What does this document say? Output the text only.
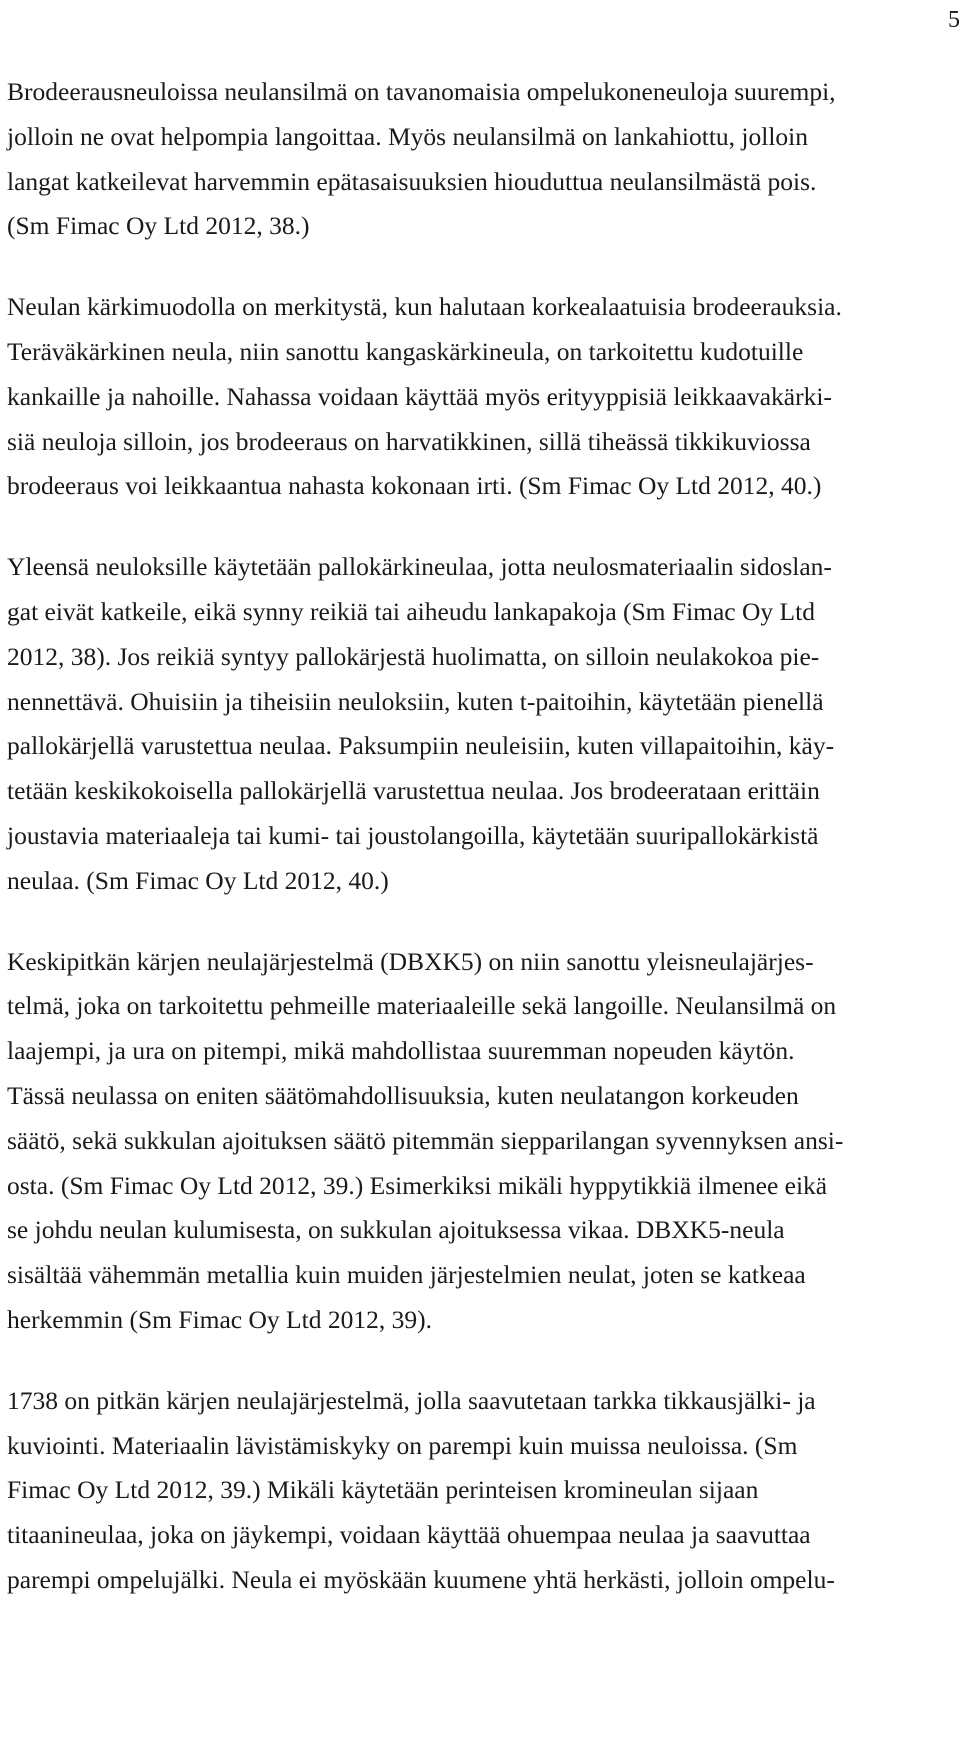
5

Brodeerausneuloissa neulansilmä on tavanomaisia ompelukoneneuloja suurempi,
jolloin ne ovat helpompia langoittaa. Myös neulansilmä on lankahiottu, jolloin
langat katkeilevat harvemmin epätasaisuuksien hiouduttua neulansilmästä pois.
(Sm Fimac Oy Ltd 2012, 38.)

Neulan kärkimuodolla on merkitystä, kun halutaan korkealaatuisia brodeerauksia.
Teräväkärkinen neula, niin sanottu kangaskärkineula, on tarkoitettu kudotuille
kankaille ja nahoille. Nahassa voidaan käyttää myös erityyppisiä leikkaavakärki-
siä neuloja silloin, jos brodeeraus on harvatikkinen, sillä tiheässä tikkikuviossa
brodeeraus voi leikkaantua nahasta kokonaan irti. (Sm Fimac Oy Ltd 2012, 40.)

Yleensä neuloksille käytetään pallokärkineulaa, jotta neulosmateriaalin sidoslan-
gat eivät katkeile, eikä synny reikiä tai aiheudu lankapakoja (Sm Fimac Oy Ltd
2012, 38). Jos reikiä syntyy pallokärjestä huolimatta, on silloin neulakokoa pie-
nennettävä. Ohuisiin ja tiheisiin neuloksiin, kuten t-paitoihin, käytetään pienellä
pallokärjellä varustettua neulaa. Paksumpiin neuleisiin, kuten villapaitoihin, käy-
tetään keskikokoisella pallokärjellä varustettua neulaa. Jos brodeerataan erittäin
joustavia materiaaleja tai kumi- tai joustolangoilla, käytetään suuripallokärkistä
neulaa. (Sm Fimac Oy Ltd 2012, 40.)

Keskipitkän kärjen neulajärjestelmä (DBXK5) on niin sanottu yleisneulajärjes-
telmä, joka on tarkoitettu pehmeille materiaaleille sekä langoille. Neulansilmä on
laajempi, ja ura on pitempi, mikä mahdollistaa suuremman nopeuden käytön.
Tässä neulassa on eniten säätömahdollisuuksia, kuten neulatangon korkeuden
säätö, sekä sukkulan ajoituksen säätö pitemmän siepparilangan syvennyksen ansi-
osta. (Sm Fimac Oy Ltd 2012, 39.) Esimerkiksi mikäli hyppytikkiä ilmenee eikä
se johdu neulan kulumisesta, on sukkulan ajoituksessa vikaa. DBXK5-neula
sisältää vähemmän metallia kuin muiden järjestelmien neulat, joten se katkeaa
herkemmin (Sm Fimac Oy Ltd 2012, 39).

1738 on pitkän kärjen neulajärjestelmä, jolla saavutetaan tarkka tikkausjälki- ja
kuviointi. Materiaalin lävistämiskyky on parempi kuin muissa neuloissa. (Sm
Fimac Oy Ltd 2012, 39.) Mikäli käytetään perinteisen kromineulan sijaan
titaanineulaa, joka on jäykempi, voidaan käyttää ohuempaa neulaa ja saavuttaa
parempi ompelujälki. Neula ei myöskään kuumene yhtä herkästi, jolloin ompelu-
